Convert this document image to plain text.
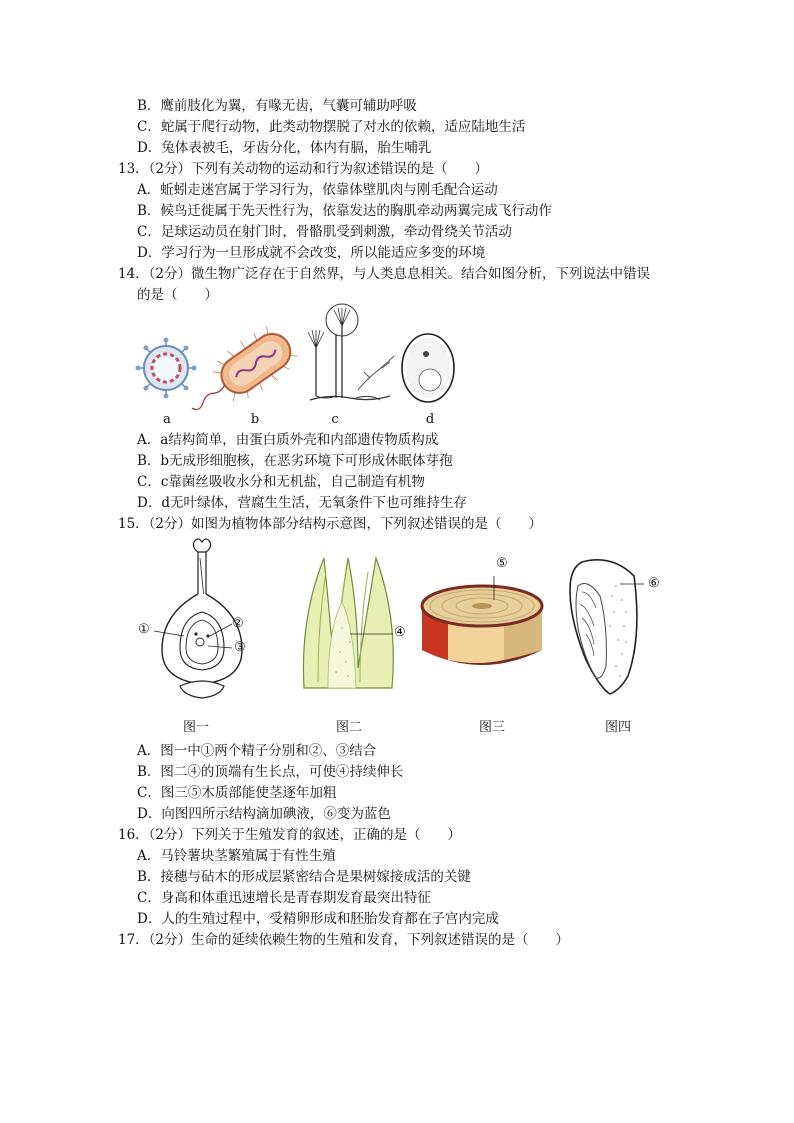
B．鹰前肢化为翼，有喙无齿，气囊可辅助呼吸
C．蛇属于爬行动物，此类动物摆脱了对水的依赖，适应陆地生活
D．兔体表被毛，牙齿分化，体内有膈，胎生哺乳
13．（2分）下列有关动物的运动和行为叙述错误的是（　　）
A．蚯蚓走迷宫属于学习行为，依靠体壁肌肉与刚毛配合运动
B．候鸟迁徙属于先天性行为，依靠发达的胸肌牵动两翼完成飞行动作
C．足球运动员在射门时，骨骼肌受到刺激，牵动骨绕关节活动
D．学习行为一旦形成就不会改变，所以能适应多变的环境
14．（2分）微生物广泛存在于自然界，与人类息息相关。结合如图分析，下列说法中错误
的是（　　）
a	b	c	d
A．a结构简单，由蛋白质外壳和内部遗传物质构成
B．b无成形细胞核，在恶劣环境下可形成休眠体芽孢
C．c靠菌丝吸收水分和无机盐，自己制造有机物
D．d无叶绿体，营腐生生活，无氧条件下也可维持生存
15．（2分）如图为植物体部分结构示意图，下列叙述错误的是（　　）
①	②
③
④
⑤
⑥
图一	图二	图三	图四
A．图一中①两个精子分别和②、③结合
B．图二④的顶端有生长点，可使④持续伸长
C．图三⑤木质部能使茎逐年加粗
D．向图四所示结构滴加碘液，⑥变为蓝色
16．（2分）下列关于生殖发育的叙述，正确的是（　　）
A．马铃薯块茎繁殖属于有性生殖
B．接穗与砧木的形成层紧密结合是果树嫁接成活的关键
C．身高和体重迅速增长是青春期发育最突出特征
D．人的生殖过程中，受精卵形成和胚胎发育都在子宫内完成
17．（2分）生命的延续依赖生物的生殖和发育，下列叙述错误的是（　　）
